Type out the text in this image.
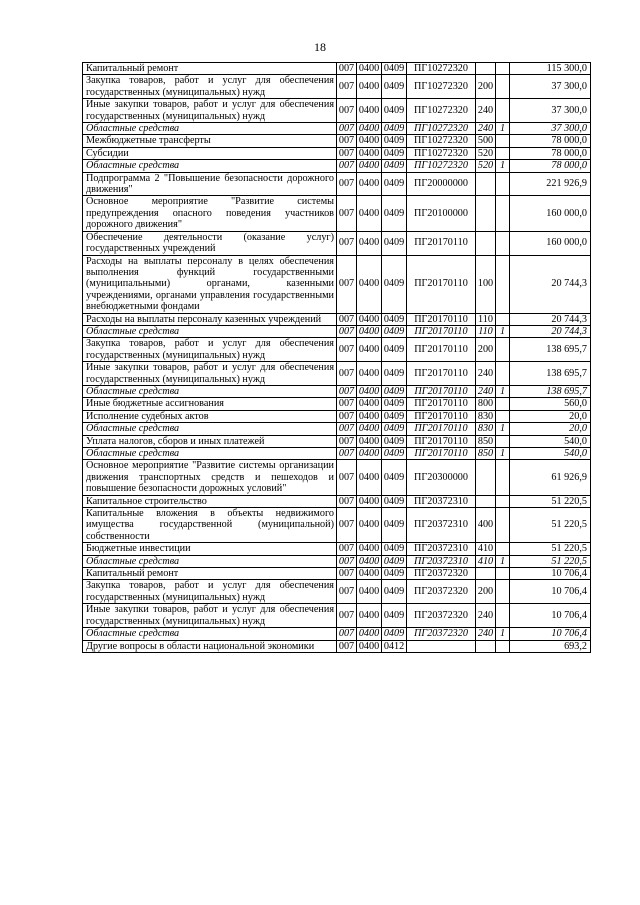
18
Капитальный ремонт	007	0400	0409	ПГ10272320			115 300,0
Закупка товаров, работ и услуг для обеспечения государственных (муниципальных) нужд	007	0400	0409	ПГ10272320	200		37 300,0
Иные закупки товаров, работ и услуг для обеспечения государственных (муниципальных) нужд	007	0400	0409	ПГ10272320	240		37 300,0
Областные средства	007	0400	0409	ПГ10272320	240	1	37 300,0
Межбюджетные трансферты	007	0400	0409	ПГ10272320	500		78 000,0
Субсидии	007	0400	0409	ПГ10272320	520		78 000,0
Областные средства	007	0400	0409	ПГ10272320	520	1	78 000,0
Подпрограмма 2 "Повышение безопасности дорожного движения"	007	0400	0409	ПГ20000000			221 926,9
Основное мероприятие "Развитие системы предупреждения опасного поведения участников дорожного движения"	007	0400	0409	ПГ20100000			160 000,0
Обеспечение деятельности (оказание услуг) государственных учреждений	007	0400	0409	ПГ20170110			160 000,0
Расходы на выплаты персоналу в целях обеспечения выполнения функций государственными (муниципальными) органами, казенными учреждениями, органами управления государственными внебюджетными фондами	007	0400	0409	ПГ20170110	100		20 744,3
Расходы на выплаты персоналу казенных учреждений	007	0400	0409	ПГ20170110	110		20 744,3
Областные средства	007	0400	0409	ПГ20170110	110	1	20 744,3
Закупка товаров, работ и услуг для обеспечения государственных (муниципальных) нужд	007	0400	0409	ПГ20170110	200		138 695,7
Иные закупки товаров, работ и услуг для обеспечения государственных (муниципальных) нужд	007	0400	0409	ПГ20170110	240		138 695,7
Областные средства	007	0400	0409	ПГ20170110	240	1	138 695,7
Иные бюджетные ассигнования	007	0400	0409	ПГ20170110	800		560,0
Исполнение судебных актов	007	0400	0409	ПГ20170110	830		20,0
Областные средства	007	0400	0409	ПГ20170110	830	1	20,0
Уплата налогов, сборов и иных платежей	007	0400	0409	ПГ20170110	850		540,0
Областные средства	007	0400	0409	ПГ20170110	850	1	540,0
Основное мероприятие "Развитие системы организации движения транспортных средств и пешеходов и повышение безопасности дорожных условий"	007	0400	0409	ПГ20300000			61 926,9
Капитальное строительство	007	0400	0409	ПГ20372310			51 220,5
Капитальные вложения в объекты недвижимого имущества государственной (муниципальной) собственности	007	0400	0409	ПГ20372310	400		51 220,5
Бюджетные инвестиции	007	0400	0409	ПГ20372310	410		51 220,5
Областные средства	007	0400	0409	ПГ20372310	410	1	51 220,5
Капитальный ремонт	007	0400	0409	ПГ20372320			10 706,4
Закупка товаров, работ и услуг для обеспечения государственных (муниципальных) нужд	007	0400	0409	ПГ20372320	200		10 706,4
Иные закупки товаров, работ и услуг для обеспечения государственных (муниципальных) нужд	007	0400	0409	ПГ20372320	240		10 706,4
Областные средства	007	0400	0409	ПГ20372320	240	1	10 706,4
Другие вопросы в области национальной экономики	007	0400	0412				693,2
